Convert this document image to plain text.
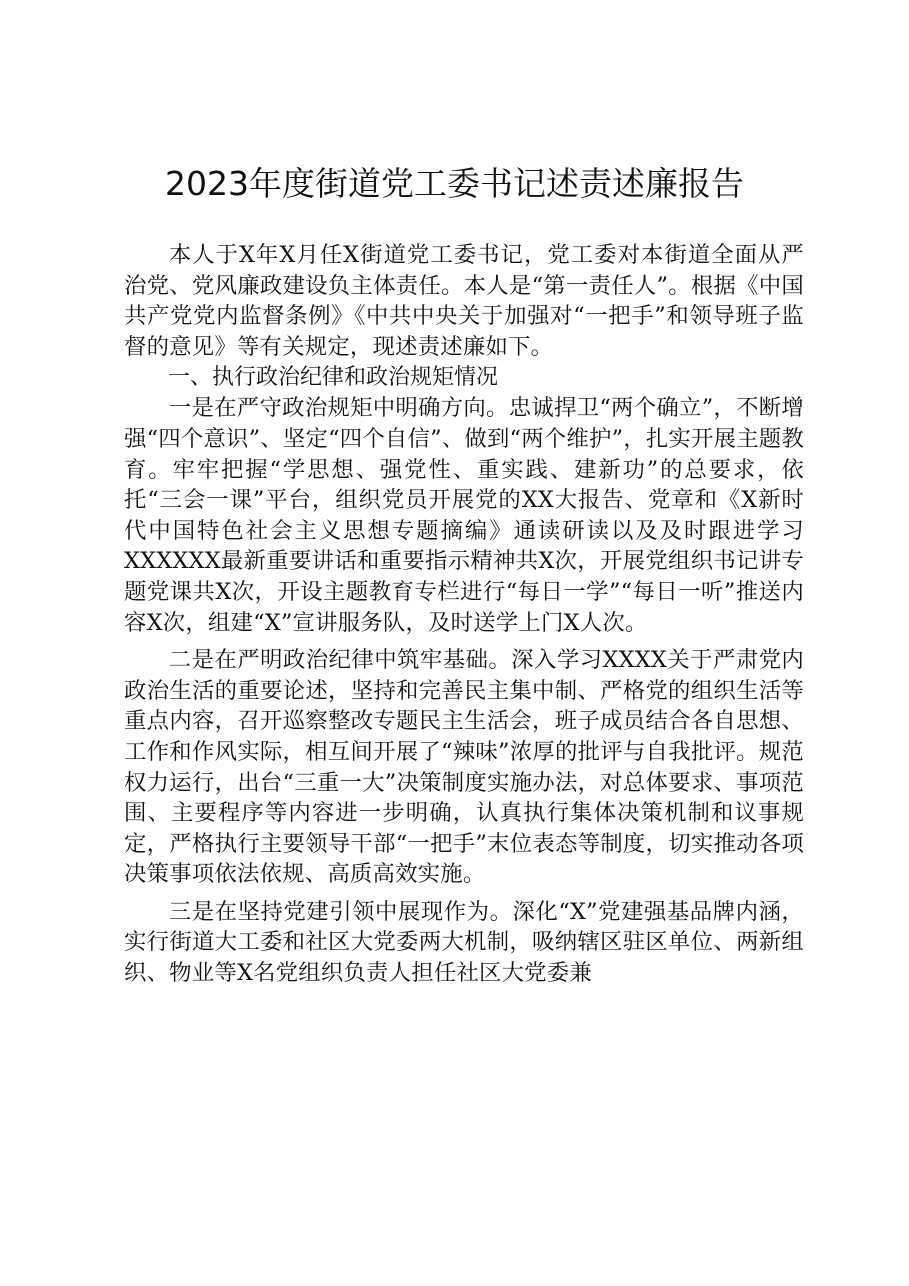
2023年度街道党工委书记述责述廉报告

本人于X年X月任X街道党工委书记，党工委对本街道全面从严治党、党风廉政建设负主体责任。本人是“第一责任人”。根据《中国共产党党内监督条例》《中共中央关于加强对“一把手”和领导班子监督的意见》等有关规定，现述责述廉如下。

一、执行政治纪律和政治规矩情况

一是在严守政治规矩中明确方向。忠诚捍卫“两个确立”，不断增强“四个意识”、坚定“四个自信”、做到“两个维护”，扎实开展主题教育。牢牢把握“学思想、强党性、重实践、建新功”的总要求，依托“三会一课”平台，组织党员开展党的XX大报告、党章和《X新时代中国特色社会主义思想专题摘编》通读研读以及及时跟进学习XXXXXX最新重要讲话和重要指示精神共X次，开展党组织书记讲专题党课共X次，开设主题教育专栏进行“每日一学”“每日一听”推送内容X次，组建“X”宣讲服务队，及时送学上门X人次。

二是在严明政治纪律中筑牢基础。深入学习XXXX关于严肃党内政治生活的重要论述，坚持和完善民主集中制、严格党的组织生活等重点内容，召开巡察整改专题民主生活会，班子成员结合各自思想、工作和作风实际，相互间开展了“辣味”浓厚的批评与自我批评。规范权力运行，出台“三重一大”决策制度实施办法，对总体要求、事项范围、主要程序等内容进一步明确，认真执行集体决策机制和议事规定，严格执行主要领导干部“一把手”末位表态等制度，切实推动各项决策事项依法依规、高质高效实施。

三是在坚持党建引领中展现作为。深化“X”党建强基品牌内涵，实行街道大工委和社区大党委两大机制，吸纳辖区驻区单位、两新组织、物业等X名党组织负责人担任社区大党委兼
